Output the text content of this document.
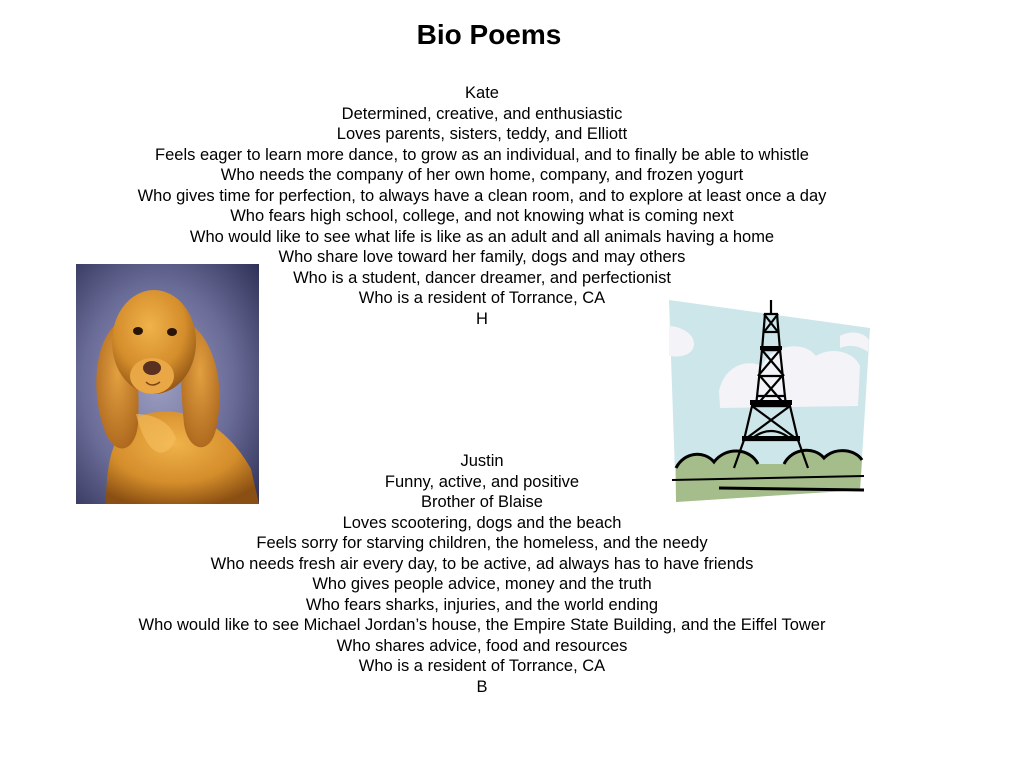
Bio Poems
Kate
Determined, creative, and enthusiastic
Loves parents, sisters, teddy, and Elliott
Feels eager to learn more dance, to grow as an individual, and to finally be able to whistle
Who needs the company of her own home, company, and frozen yogurt
Who gives time for perfection, to always have a clean room, and to explore at least once a day
Who fears high school, college, and not knowing what is coming next
Who would like to see what life is like as an adult and all animals having a home
Who share love toward her family, dogs and may others
Who is a student, dancer dreamer, and perfectionist
Who is a resident of Torrance, CA
H
Justin
Funny, active, and positive
Brother of Blaise
Loves scootering, dogs and the beach
Feels sorry for starving children, the homeless, and the needy
Who needs fresh air every day, to be active, ad always has to have friends
Who gives people advice, money and the truth
Who fears sharks, injuries, and the world ending
Who would like to see Michael Jordan’s house, the Empire State Building, and the Eiffel Tower
Who shares advice, food and resources
Who is a resident of Torrance, CA
B
